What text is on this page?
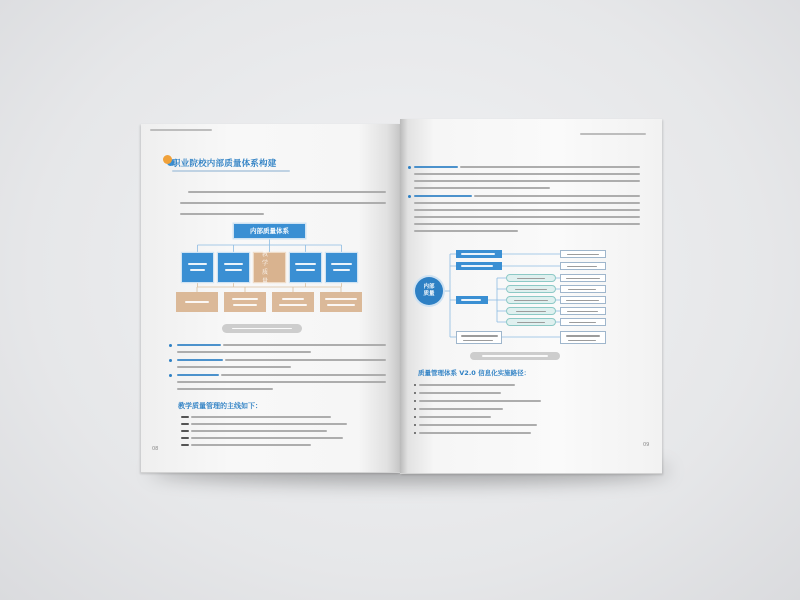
职业院校内部质量体系构建
内部质量体系
教学质量
教学质量管理的主线如下：
08
内部质量
质量管理体系 V2.0 信息化实施路径：
09
